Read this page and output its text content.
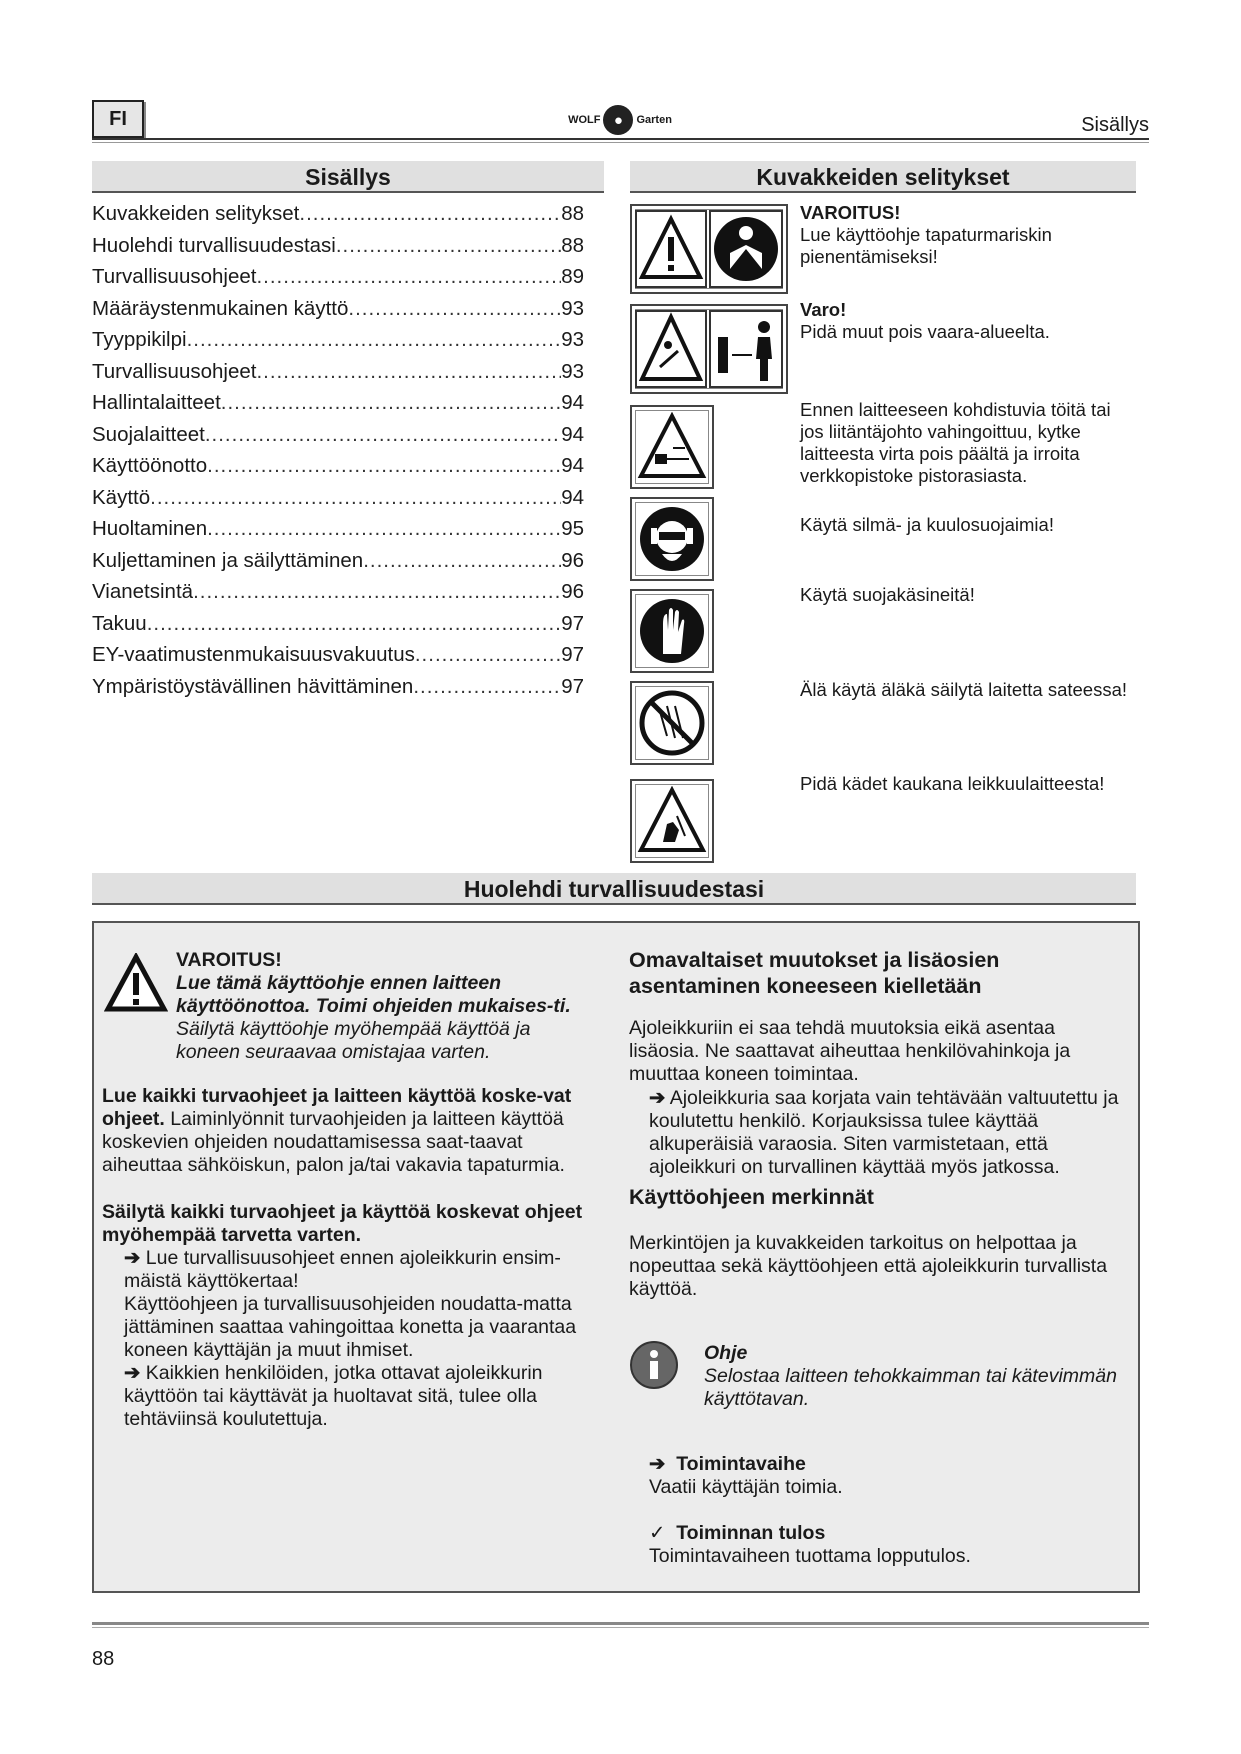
FI	WOLF ●	Garten	Sisällys
Sisällys
Kuvakkeiden selitykset .....	88
Huolehdi turvallisuudestasi .....	88
Turvallisuusohjeet .....	89
Määräystenmukainen käyttö .....	93
Tyyppikilpi .....	93
Turvallisuusohjeet .....	93
Hallintalaitteet .....	94
Suojalaitteet .....	94
Käyttöönotto .....	94
Käyttö .....	94
Huoltaminen .....	95
Kuljettaminen ja säilyttäminen .....	96
Vianetsintä .....	96
Takuu .....	97
EY-vaatimustenmukaisuusvakuutus .....	97
Ympäristöystävällinen hävittäminen .....	97
Kuvakkeiden selitykset
VAROITUS!
Lue käyttöohje tapaturmariskin pienentämiseksi!
Varo!
Pidä muut pois vaara-alueelta.
Ennen laitteeseen kohdistuvia töitä tai jos liitäntäjohto vahingoittuu, kytke laitteesta virta pois päältä ja irroita verkkopistoke pistorasiasta.
Käytä silmä- ja kuulosuojaimia!
Käytä suojakäsineitä!
Älä käytä äläkä säilytä laitetta sateessa!
Pidä kädet kaukana leikkuulaitteesta!
Huolehdi turvallisuudestasi
VAROITUS!
Lue tämä käyttöohje ennen laitteen käyttöönottoa. Toimi ohjeiden mukaises-ti.
Säilytä käyttöohje myöhempää käyttöä ja koneen seuraavaa omistajaa varten.
Lue kaikki turvaohjeet ja laitteen käyttöä koske-vat ohjeet. Laiminlyönnit turvaohjeiden ja laitteen käyttöä koskevien ohjeiden noudattamisessa saat-taavat aiheuttaa sähköiskun, palon ja/tai vakavia tapaturmia.
Säilytä kaikki turvaohjeet ja käyttöä koskevat ohjeet myöhempää tarvetta varten.
➔ Lue turvallisuusohjeet ennen ajoleikkurin ensim-mäistä käyttökertaa!
Käyttöohjeen ja turvallisuusohjeiden noudatta-matta jättäminen saattaa vahingoittaa konetta ja vaarantaa koneen käyttäjän ja muut ihmiset.
➔ Kaikkien henkilöiden, jotka ottavat ajoleikkurin käyttöön tai käyttävät ja huoltavat sitä, tulee olla tehtäviinsä koulutettuja.
Omavaltaiset muutokset ja lisäosien asentaminen koneeseen kielletään
Ajoleikkuriin ei saa tehdä muutoksia eikä asentaa lisäosia. Ne saattavat aiheuttaa henkilövahinkoja ja muuttaa koneen toimintaa.
➔ Ajoleikkuria saa korjata vain tehtävään valtuutettu ja koulutettu henkilö. Korjauksissa tulee käyttää alkuperäisiä varaosia. Siten varmistetaan, että ajoleikkuri on turvallinen käyttää myös jatkossa.
Käyttöohjeen merkinnät
Merkintöjen ja kuvakkeiden tarkoitus on helpottaa ja nopeuttaa sekä käyttöohjeen että ajoleikkurin turvallista käyttöä.
Ohje
Selostaa laitteen tehokkaimman tai kätevimmän käyttötavan.
➔ Toimintavaihe
Vaatii käyttäjän toimia.
✓ Toiminnan tulos
Toimintavaiheen tuottama lopputulos.
88
